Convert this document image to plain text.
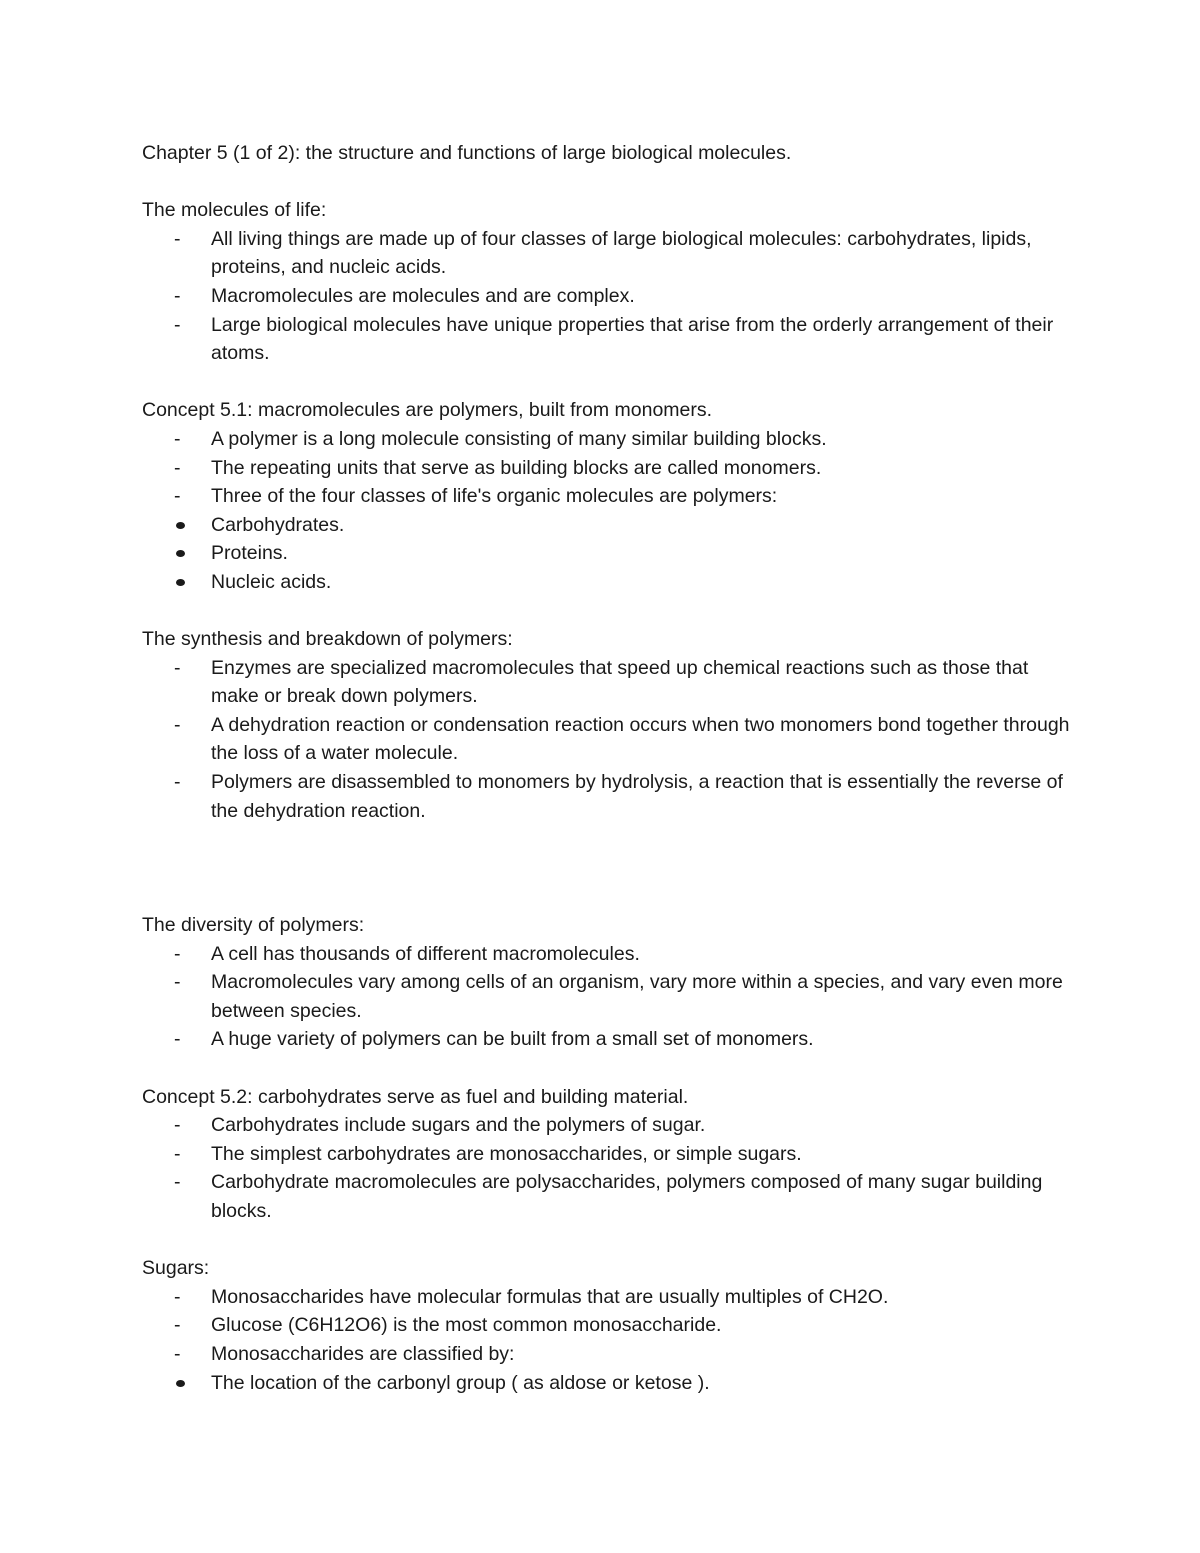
Chapter 5 (1 of 2): the structure and functions of large biological molecules.

The molecules of life:

-
All living things are made up of four classes of large biological molecules: carbohydrates, lipids, proteins, and nucleic acids.
-
Macromolecules are molecules and are complex.
-
Large biological molecules have unique properties that arise from the orderly arrangement of their atoms.

Concept 5.1: macromolecules are polymers, built from monomers.

-
A polymer is a long molecule consisting of many similar building blocks.
-
The repeating units that serve as building blocks are called monomers.
-
Three of the four classes of life's organic molecules are polymers:
Carbohydrates.
Proteins.
Nucleic acids.

The synthesis and breakdown of polymers:

-
Enzymes are specialized macromolecules that speed up chemical reactions such as those that make or break down polymers.
-
A dehydration reaction or condensation reaction occurs when two monomers bond together through the loss of a water molecule.
-
Polymers are disassembled to monomers by hydrolysis, a reaction that is essentially the reverse of the dehydration reaction.

The diversity of polymers:

-
A cell has thousands of different macromolecules.
-
Macromolecules vary among cells of an organism, vary more within a species, and vary even more between species.
-
A huge variety of polymers can be built from a small set of monomers.

Concept 5.2: carbohydrates serve as fuel and building material.

-
Carbohydrates include sugars and the polymers of sugar.
-
The simplest carbohydrates are monosaccharides, or simple sugars.
-
Carbohydrate macromolecules are polysaccharides, polymers composed of many sugar building blocks.

Sugars:

-
Monosaccharides have molecular formulas that are usually multiples of CH2O.
-
Glucose (C6H12O6) is the most common monosaccharide.
-
Monosaccharides are classified by:
The location of the carbonyl group ( as aldose or ketose ).
